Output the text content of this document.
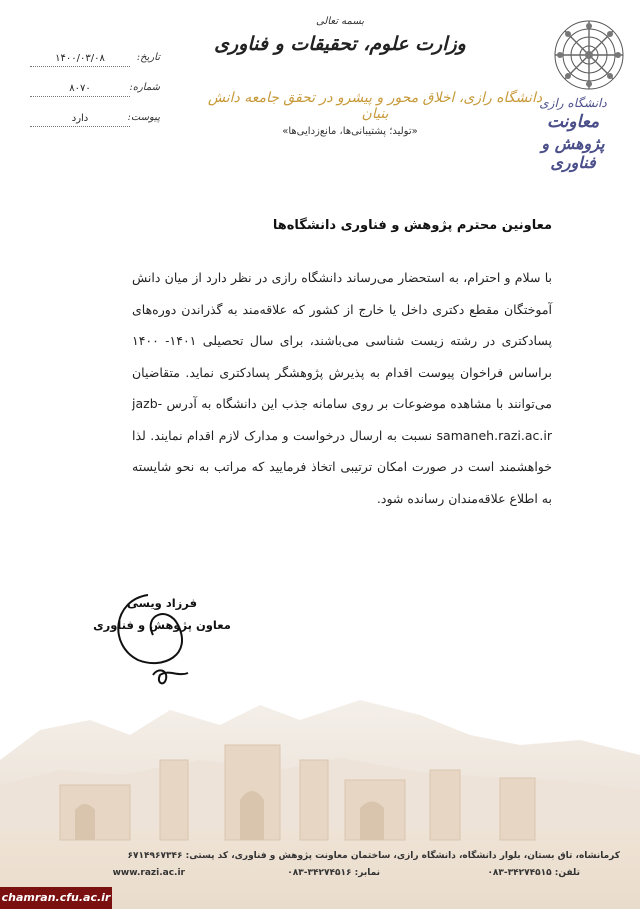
دانشگاه رازی
معاونت
پژوهش و فناوری
بسمه تعالی
وزارت علوم، تحقیقات و فناوری
دانشگاه رازی، اخلاق محور و پیشرو در تحقق جامعه دانش بنیان
«تولید؛ پشتیبانی‌ها، مانع‌زدایی‌ها»
تاریخ:
۱۴۰۰/۰۳/۰۸
شماره:
۸۰۷۰
پیوست:
دارد
معاونین محترم پژوهش و فناوری دانشگاه‌ها
با سلام و احترام، به استحضار می‌رساند دانشگاه رازی در نظر دارد از میان دانش آموختگان مقطع دکتری داخل یا خارج از کشور که علاقه‌مند به گذراندن دوره‌های پسادکتری در رشته زیست شناسی می‌باشند، برای سال تحصیلی ۱۴۰۱- ۱۴۰۰ براساس فراخوان پیوست اقدام به پذیرش پژوهشگر پسادکتری نماید. متقاضیان می‌توانند با مشاهده موضوعات بر روی سامانه جذب این دانشگاه به آدرس jazb-samaneh.razi.ac.ir نسبت به ارسال درخواست و مدارک لازم اقدام نمایند. لذا خواهشمند است در صورت امکان ترتیبی اتخاذ فرمایید که مراتب به نحو شایسته به اطلاع علاقه‌مندان رسانده شود.
فرزاد ویسی
معاون پژوهش و فناوری
کرمانشاه، تاق بستان، بلوار دانشگاه، دانشگاه رازی، ساختمان معاونت پژوهش و فناوری، کد پستی: ۶۷۱۴۹۶۷۳۴۶
تلفن: ۳۴۲۷۴۵۱۵-۰۸۳
نمابر: ۳۴۲۷۴۵۱۶-۰۸۳
www.razi.ac.ir
chamran.cfu.ac.ir
